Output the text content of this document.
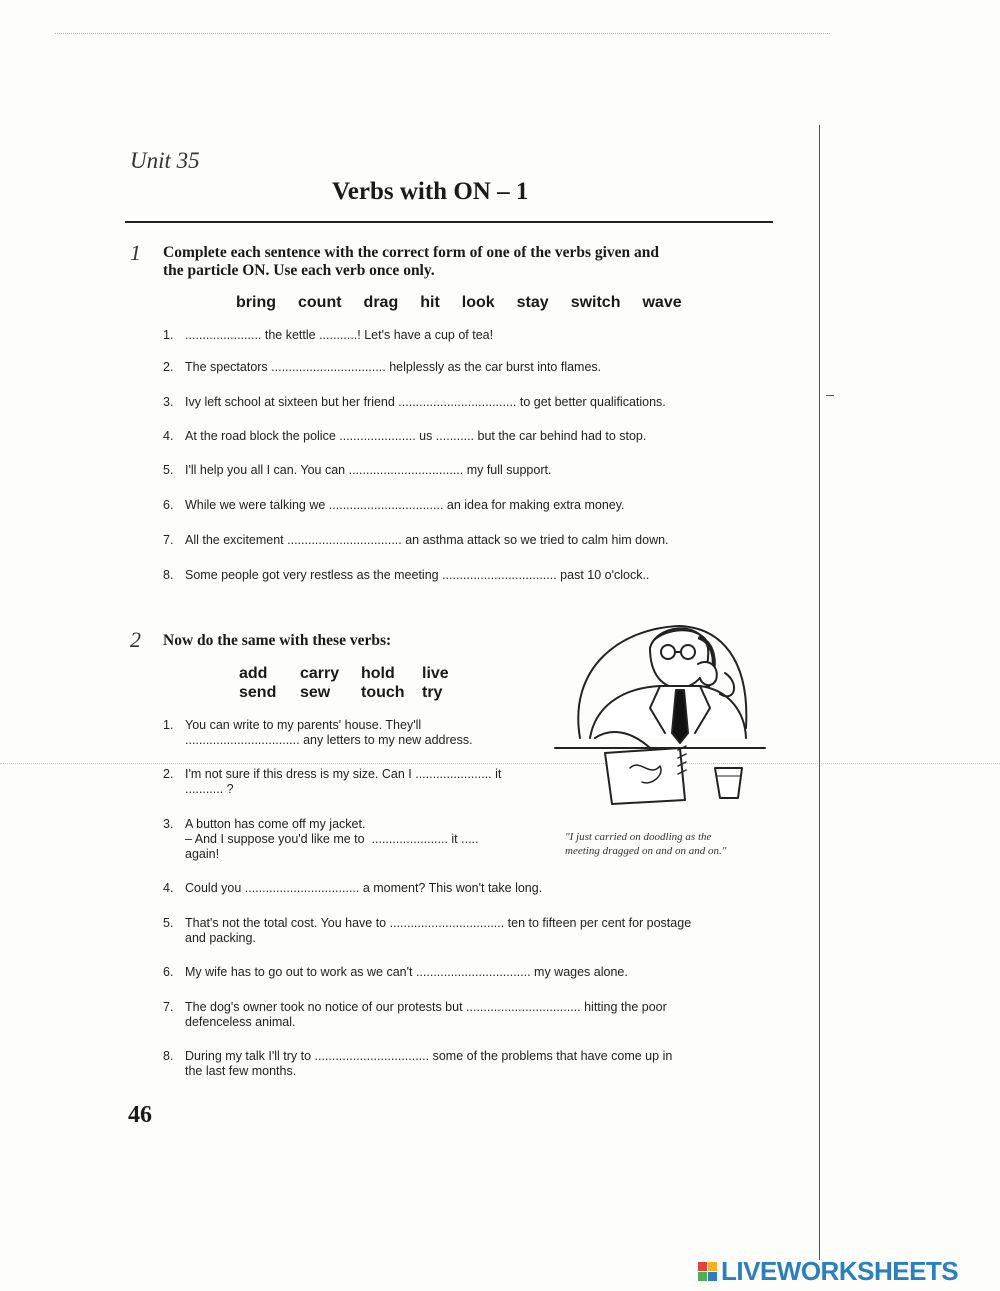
Unit 35
Verbs with ON – 1
1 Complete each sentence with the correct form of one of the verbs given and
the particle ON. Use each verb once only.
bring count drag hit look stay switch wave
1. ...................... the kettle ...........! Let's have a cup of tea!
2. The spectators ................................. helplessly as the car burst into flames.
3. Ivy left school at sixteen but her friend .................................. to get better qualifications.
4. At the road block the police ...................... us ........... but the car behind had to stop.
5. I'll help you all I can. You can ................................. my full support.
6. While we were talking we ................................. an idea for making extra money.
7. All the excitement ................................. an asthma attack so we tried to calm him down.
8. Some people got very restless as the meeting ................................. past 10 o'clock..
2 Now do the same with these verbs:
add carry hold live
send sew touch try
1. You can write to my parents' house. They'll
................................. any letters to my new address.
2. I'm not sure if this dress is my size. Can I ...................... it
........... ?
3. A button has come off my jacket.
– And I suppose you'd like me to  ...................... it .....
again!
4. Could you ................................. a moment? This won't take long.
5. That's not the total cost. You have to ................................. ten to fifteen per cent for postage
and packing.
6. My wife has to go out to work as we can't ................................. my wages alone.
7. The dog's owner took no notice of our protests but ................................. hitting the poor
defenceless animal.
8. During my talk I'll try to ................................. some of the problems that have come up in
the last few months.
"I just carried on doodling as the
meeting dragged on and on and on."
46
LIVEWORKSHEETS
